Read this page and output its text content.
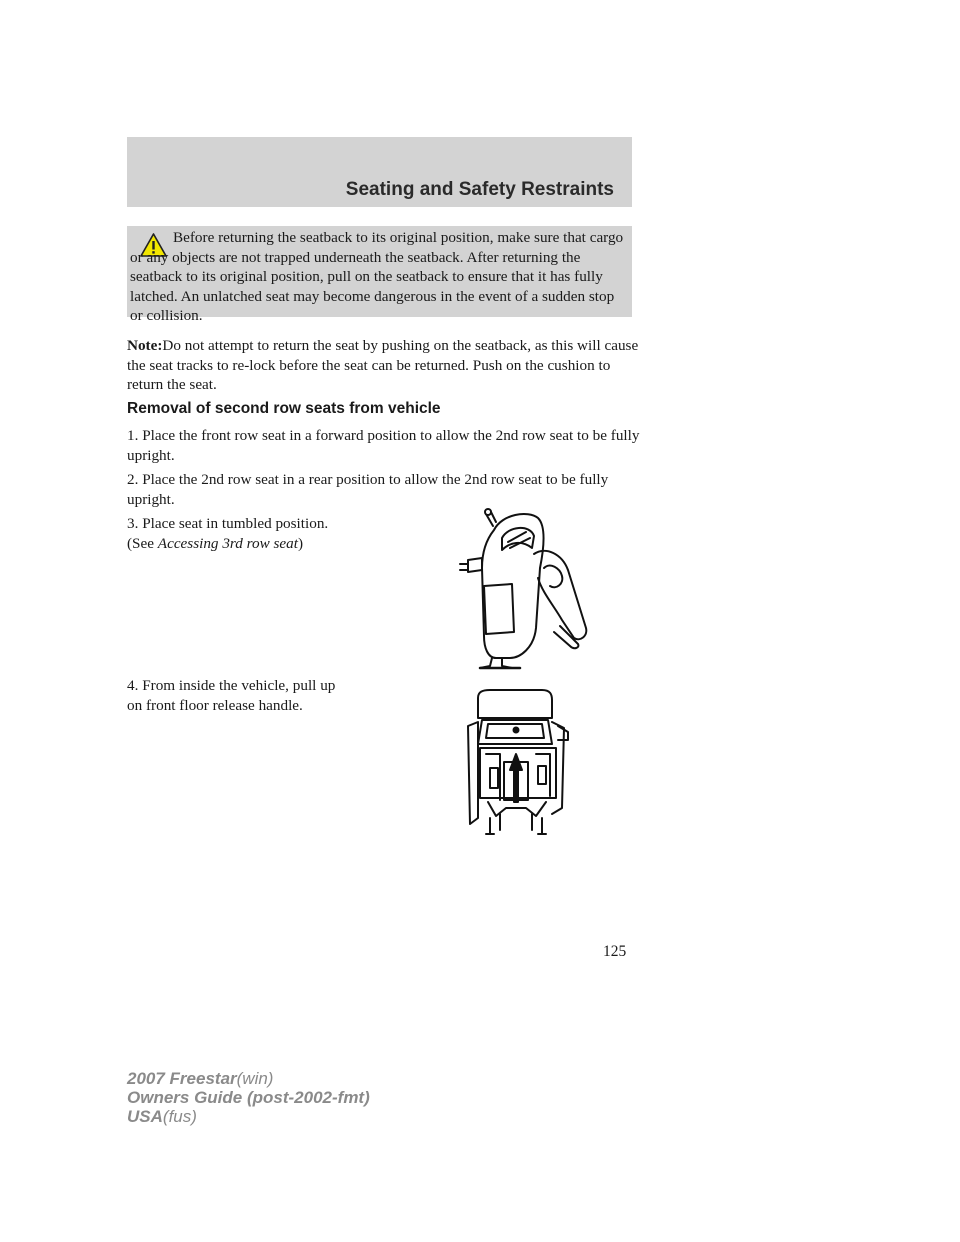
Seating and Safety Restraints

Before returning the seatback to its original position, make sure that cargo or any objects are not trapped underneath the seatback. After returning the seatback to its original position, pull on the seatback to ensure that it has fully latched. An unlatched seat may become dangerous in the event of a sudden stop or collision.

Note:Do not attempt to return the seat by pushing on the seatback, as this will cause the seat tracks to re-lock before the seat can be returned. Push on the cushion to return the seat.

Removal of second row seats from vehicle

1. Place the front row seat in a forward position to allow the 2nd row seat to be fully upright.

2. Place the 2nd row seat in a rear position to allow the 2nd row seat to be fully upright.

3. Place seat in tumbled position.
(See Accessing 3rd row seat)

4. From inside the vehicle, pull up
on front floor release handle.

125
2007 Freestar(win)
Owners Guide (post-2002-fmt)
USA(fus)
